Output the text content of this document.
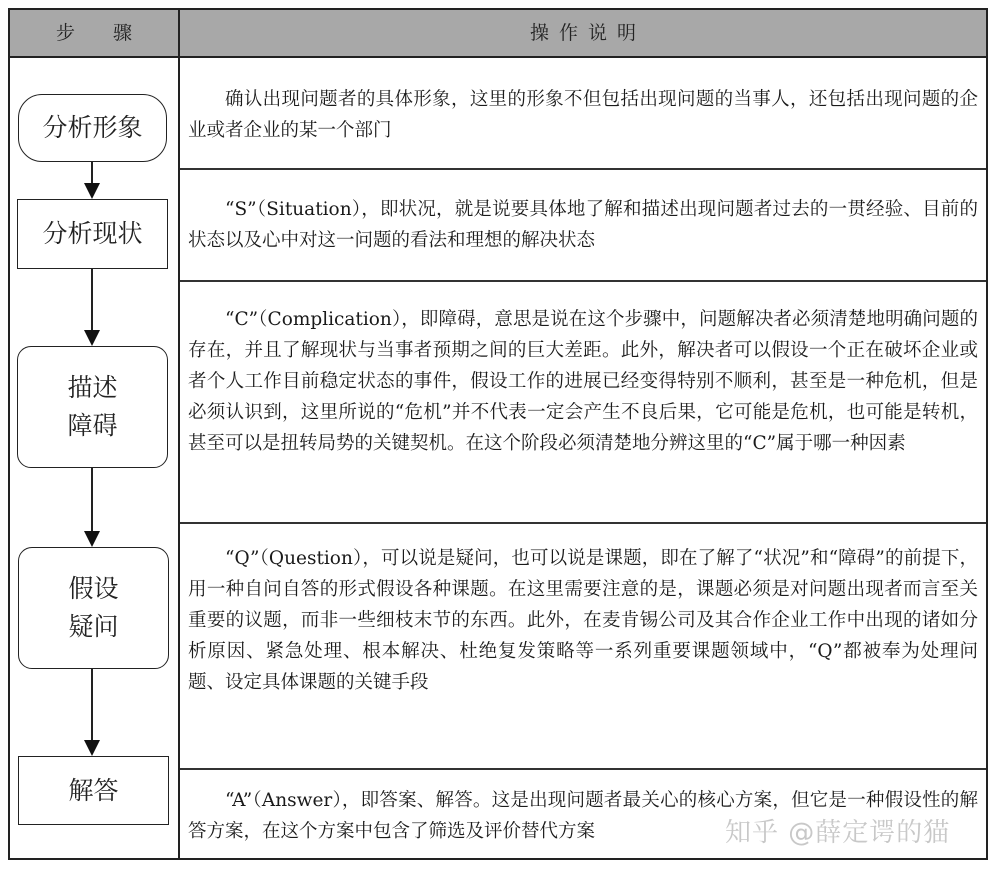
步骤	操作说明

确认出现问题者的具体形象，这里的形象不但包括出现问题的当事人，还包括出现问题的企业或者企业的某一个部门

“S”（Situation），即状况，就是说要具体地了解和描述出现问题者过去的一贯经验、目前的状态以及心中对这一问题的看法和理想的解决状态

“C”（Complication），即障碍，意思是说在这个步骤中，问题解决者必须清楚地明确问题的存在，并且了解现状与当事者预期之间的巨大差距。此外，解决者可以假设一个正在破坏企业或者个人工作目前稳定状态的事件，假设工作的进展已经变得特别不顺利，甚至是一种危机，但是必须认识到，这里所说的“危机”并不代表一定会产生不良后果，它可能是危机，也可能是转机，甚至可以是扭转局势的关键契机。在这个阶段必须清楚地分辨这里的“C”属于哪一种因素

“Q”（Question），可以说是疑问，也可以说是课题，即在了解了“状况”和“障碍”的前提下，用一种自问自答的形式假设各种课题。在这里需要注意的是，课题必须是对问题出现者而言至关重要的议题，而非一些细枝末节的东西。此外，在麦肯锡公司及其合作企业工作中出现的诸如分析原因、紧急处理、根本解决、杜绝复发策略等一系列重要课题领域中，“Q”都被奉为处理问题、设定具体课题的关键手段

“A”（Answer），即答案、解答。这是出现问题者最关心的核心方案，但它是一种假设性的解答方案，在这个方案中包含了筛选及评价替代方案

分析形象
分析现状
描述
障碍
假设
疑问
解答
知乎 @薛定谔的猫
